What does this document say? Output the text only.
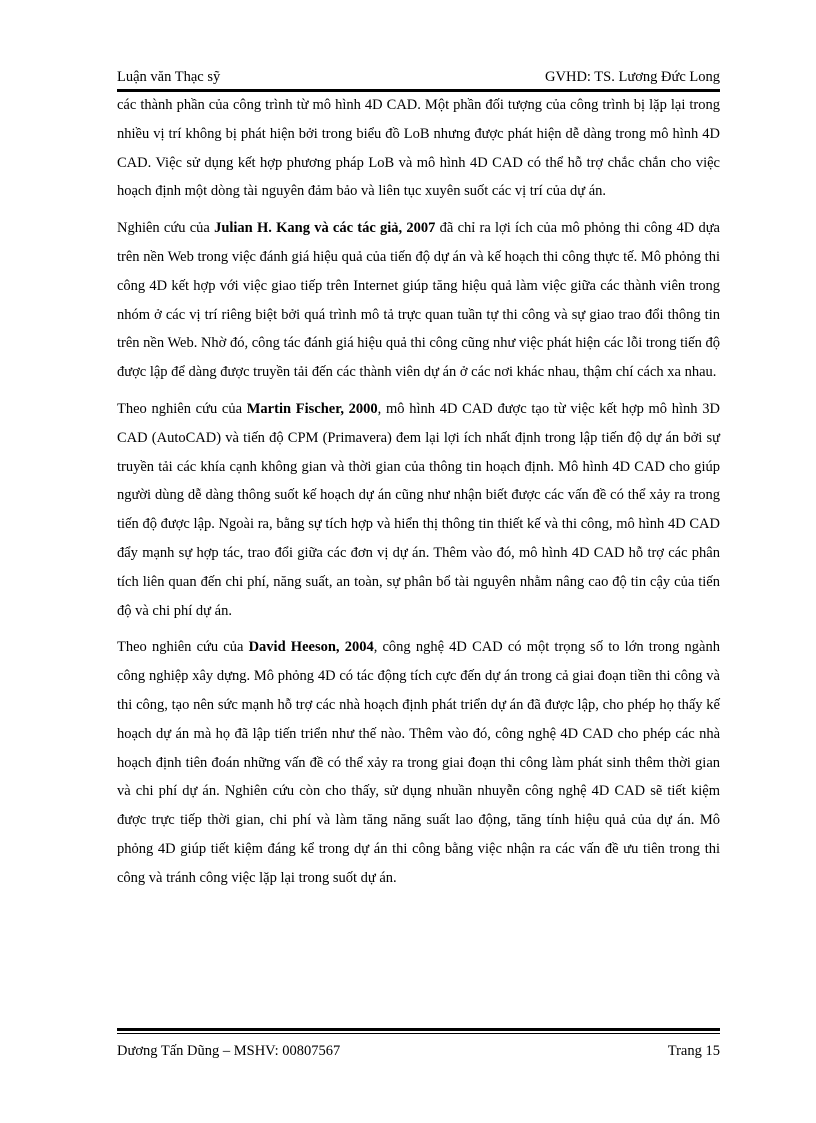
Luận văn Thạc sỹ	GVHD: TS. Lương Đức Long

các thành phần của công trình từ mô hình 4D CAD. Một phần đối tượng của công trình bị lặp lại trong nhiều vị trí không bị phát hiện bởi trong biểu đồ LoB nhưng được phát hiện dễ dàng trong mô hình 4D CAD. Việc sử dụng kết hợp phương pháp LoB và mô hình 4D CAD có thể hỗ trợ chắc chắn cho việc hoạch định một dòng tài nguyên đảm bảo và liên tục xuyên suốt các vị trí của dự án.

Nghiên cứu của Julian H. Kang và các tác giả, 2007 đã chỉ ra lợi ích của mô phỏng thi công 4D dựa trên nền Web trong việc đánh giá hiệu quả của tiến độ dự án và kế hoạch thi công thực tế. Mô phỏng thi công 4D kết hợp với việc giao tiếp trên Internet giúp tăng hiệu quả làm việc giữa các thành viên trong nhóm ở các vị trí riêng biệt bởi quá trình mô tả trực quan tuần tự thi công và sự giao trao đổi thông tin trên nền Web. Nhờ đó, công tác đánh giá hiệu quả thi công cũng như việc phát hiện các lỗi trong tiến độ được lập để dàng được truyền tải đến các thành viên dự án ở các nơi khác nhau, thậm chí cách xa nhau.

Theo nghiên cứu của Martin Fischer, 2000, mô hình 4D CAD được tạo từ việc kết hợp mô hình 3D CAD (AutoCAD) và tiến độ CPM (Primavera) đem lại lợi ích nhất định trong lập tiến độ dự án bởi sự truyền tải các khía cạnh không gian và thời gian của thông tin hoạch định. Mô hình 4D CAD cho giúp người dùng dễ dàng thông suốt kế hoạch dự án cũng như nhận biết được các vấn đề có thể xảy ra trong tiến độ được lập. Ngoài ra, bằng sự tích hợp và hiển thị thông tin thiết kế và thi công, mô hình 4D CAD đẩy mạnh sự hợp tác, trao đổi giữa các đơn vị dự án. Thêm vào đó, mô hình 4D CAD hỗ trợ các phân tích liên quan đến chi phí, năng suất, an toàn, sự phân bổ tài nguyên nhằm nâng cao độ tin cậy của tiến độ và chi phí dự án.

Theo nghiên cứu của David Heeson, 2004, công nghệ 4D CAD có một trọng số to lớn trong ngành công nghiệp xây dựng. Mô phỏng 4D có tác động tích cực đến dự án trong cả giai đoạn tiền thi công và thi công, tạo nên sức mạnh hỗ trợ các nhà hoạch định phát triển dự án đã được lập, cho phép họ thấy kế hoạch dự án mà họ đã lập tiến triển như thế nào. Thêm vào đó, công nghệ 4D CAD cho phép các nhà hoạch định tiên đoán những vấn đề có thể xảy ra trong giai đoạn thi công làm phát sinh thêm thời gian và chi phí dự án. Nghiên cứu còn cho thấy, sử dụng nhuần nhuyễn công nghệ 4D CAD sẽ tiết kiệm được trực tiếp thời gian, chi phí và làm tăng năng suất lao động, tăng tính hiệu quả của dự án. Mô phỏng 4D giúp tiết kiệm đáng kể trong dự án thi công bằng việc nhận ra các vấn đề ưu tiên trong thi công và tránh công việc lặp lại trong suốt dự án.

Dương Tấn Dũng – MSHV: 00807567	Trang 15
